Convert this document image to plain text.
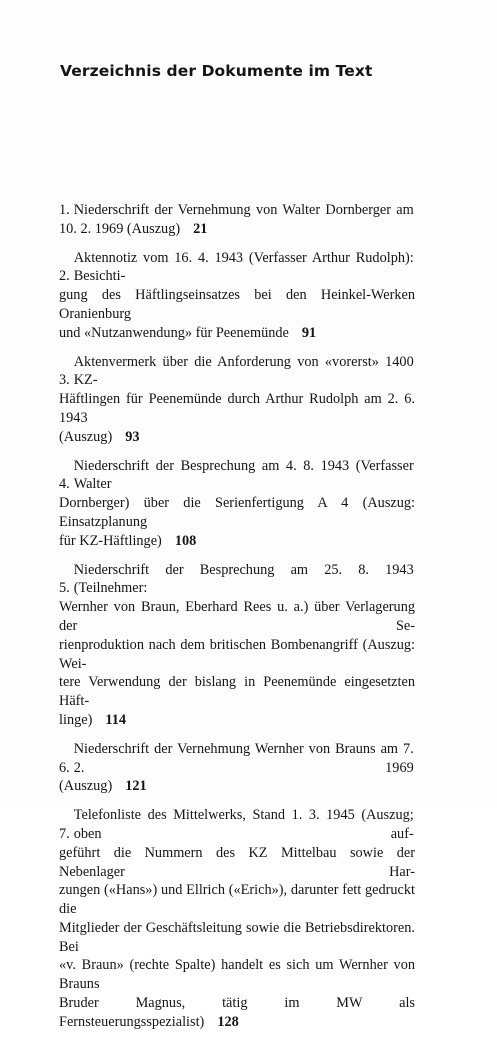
Verzeichnis der Dokumente im Text
1. Niederschrift der Vernehmung von Walter Dornberger am
10. 2. 1969 (Auszug) 21
2.Aktennotiz vom 16. 4. 1943 (Verfasser Arthur Rudolph): Besichti-
gung des Häftlingseinsatzes bei den Heinkel-Werken Oranienburg
und «Nutzanwendung» für Peenemünde 91
3.Aktenvermerk über die Anforderung von «vorerst» 1400 KZ-
Häftlingen für Peenemünde durch Arthur Rudolph am 2. 6. 1943
(Auszug) 93
4.Niederschrift der Besprechung am 4. 8. 1943 (Verfasser Walter
Dornberger) über die Serienfertigung A 4 (Auszug: Einsatzplanung
für KZ-Häftlinge) 108
5.Niederschrift der Besprechung am 25. 8. 1943 (Teilnehmer:
Wernher von Braun, Eberhard Rees u. a.) über Verlagerung der Se-
rienproduktion nach dem britischen Bombenangriff (Auszug: Wei-
tere Verwendung der bislang in Peenemünde eingesetzten Häft-
linge) 114
6.Niederschrift der Vernehmung Wernher von Brauns am 7. 2. 1969
(Auszug) 121
7.Telefonliste des Mittelwerks, Stand 1. 3. 1945 (Auszug; oben auf-
geführt die Nummern des KZ Mittelbau sowie der Nebenlager Har-
zungen («Hans») und Ellrich («Erich»), darunter fett gedruckt die
Mitglieder der Geschäftsleitung sowie die Betriebsdirektoren. Bei
«v. Braun» (rechte Spalte) handelt es sich um Wernher von Brauns
Bruder Magnus, tätig im MW als Fernsteuerungsspezialist) 128
